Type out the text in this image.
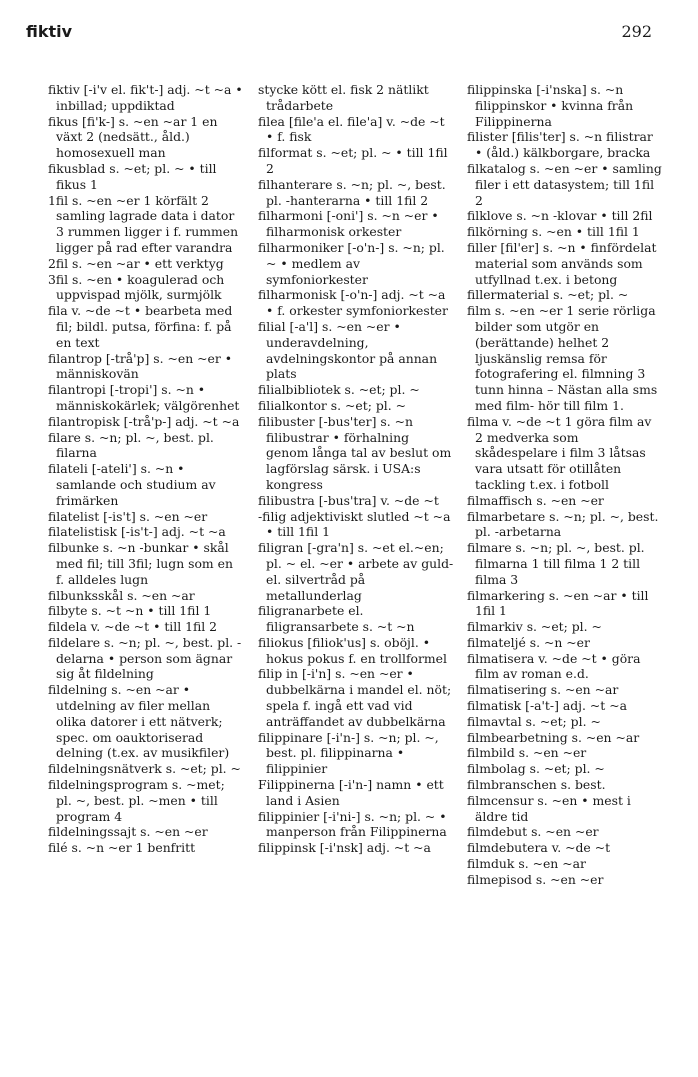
fiktiv	292

fiktiv [-i'v el. fik't-] adj. ~t ~a • inbillad; uppdiktad

fikus [fi'k-] s. ~en ~ar 1 en växt 2 (nedsätt., åld.) homosexuell man

fikusblad s. ~et; pl. ~ • till fikus 1

1fil s. ~en ~er 1 körfält 2 samling lagrade data i dator 3 rummen ligger i f. rummen ligger på rad efter varandra

2fil s. ~en ~ar • ett verktyg

3fil s. ~en • koagulerad och uppvispad mjölk, surmjölk

fila v. ~de ~t • bearbeta med fil; bildl. putsa, förfina: f. på en text

filantrop [-trå'p] s. ~en ~er • människovän

filantropi [-tropi'] s. ~n • människokärlek; välgörenhet

filantropisk [-trå'p-] adj. ~t ~a

filare s. ~n; pl. ~, best. pl. filarna

filateli [-ateli'] s. ~n • samlande och studium av frimärken

filatelist [-is't] s. ~en ~er

filatelistisk [-is't-] adj. ~t ~a

filbunke s. ~n -bunkar • skål med fil; till 3fil; lugn som en f. alldeles lugn

filbunksskål s. ~en ~ar

filbyte s. ~t ~n • till 1fil 1

fildela v. ~de ~t • till 1fil 2

fildelare s. ~n; pl. ~, best. pl. -delarna • person som ägnar sig åt fildelning

fildelning s. ~en ~ar • utdelning av filer mellan olika datorer i ett nätverk; spec. om oauktoriserad delning (t.ex. av musikfiler)

fildelningsnätverk s. ~et; pl. ~

fildelningsprogram s. ~met; pl. ~, best. pl. ~men • till program 4

fildelningssajt s. ~en ~er

filé s. ~n ~er 1 benfritt

stycke kött el. fisk 2 nätlikt trådarbete

filea [file'a el. file'a] v. ~de ~t • f. fisk

filformat s. ~et; pl. ~ • till 1fil 2

filhanterare s. ~n; pl. ~, best. pl. -hanterarna • till 1fil 2

filharmoni [-oni'] s. ~n ~er • filharmonisk orkester

filharmoniker [-o'n-] s. ~n; pl. ~ • medlem av symfoniorkester

filharmonisk [-o'n-] adj. ~t ~a • f. orkester symfoniorkester

filial [-a'l] s. ~en ~er • underavdelning, avdelningskontor på annan plats

filialbibliotek s. ~et; pl. ~

filialkontor s. ~et; pl. ~

filibuster [-bus'ter] s. ~n filibustrar • förhalning genom långa tal av beslut om lagförslag särsk. i USA:s kongress

filibustra [-bus'tra] v. ~de ~t

-filig adjektiviskt slutled ~t ~a • till 1fil 1

filigran [-gra'n] s. ~et el.~en; pl. ~ el. ~er • arbete av guld- el. silvertråd på metallunderlag

filigranarbete el. filigransarbete s. ~t ~n

filiokus [filiok'us] s. oböjl. • hokus pokus f. en trollformel

filip in [-i'n] s. ~en ~er • dubbelkärna i mandel el. nöt; spela f. ingå ett vad vid anträffandet av dubbelkärna

filippinare [-i'n-] s. ~n; pl. ~, best. pl. filippinarna • filippinier

Filippinerna [-i'n-] namn • ett land i Asien

filippinier [-i'ni-] s. ~n; pl. ~ • manperson från Filippinerna

filippinsk [-i'nsk] adj. ~t ~a

filippinska [-i'nska] s. ~n filippinskor • kvinna från Filippinerna

filister [filis'ter] s. ~n filistrar • (åld.) kälkborgare, bracka

filkatalog s. ~en ~er • samling filer i ett datasystem; till 1fil 2

filklove s. ~n -klovar • till 2fil

filkörning s. ~en • till 1fil 1

filler [fil'er] s. ~n • finfördelat material som används som utfyllnad t.ex. i betong

fillermaterial s. ~et; pl. ~

film s. ~en ~er 1 serie rörliga bilder som utgör en (berättande) helhet 2 ljuskänslig remsa för fotografering el. filmning 3 tunn hinna – Nästan alla sms med film- hör till film 1.

filma v. ~de ~t 1 göra film av 2 medverka som skådespelare i film 3 låtsas vara utsatt för otillåten tackling t.ex. i fotboll

filmaffisch s. ~en ~er

filmarbetare s. ~n; pl. ~, best. pl. -arbetarna

filmare s. ~n; pl. ~, best. pl. filmarna 1 till filma 1 2 till filma 3

filmarkering s. ~en ~ar • till 1fil 1

filmarkiv s. ~et; pl. ~

filmateljé s. ~n ~er

filmatisera v. ~de ~t • göra film av roman e.d.

filmatisering s. ~en ~ar

filmatisk [-a't-] adj. ~t ~a

filmavtal s. ~et; pl. ~

filmbearbetning s. ~en ~ar

filmbild s. ~en ~er

filmbolag s. ~et; pl. ~

filmbranschen s. best.

filmcensur s. ~en • mest i äldre tid

filmdebut s. ~en ~er

filmdebutera v. ~de ~t

filmduk s. ~en ~ar

filmepisod s. ~en ~er
